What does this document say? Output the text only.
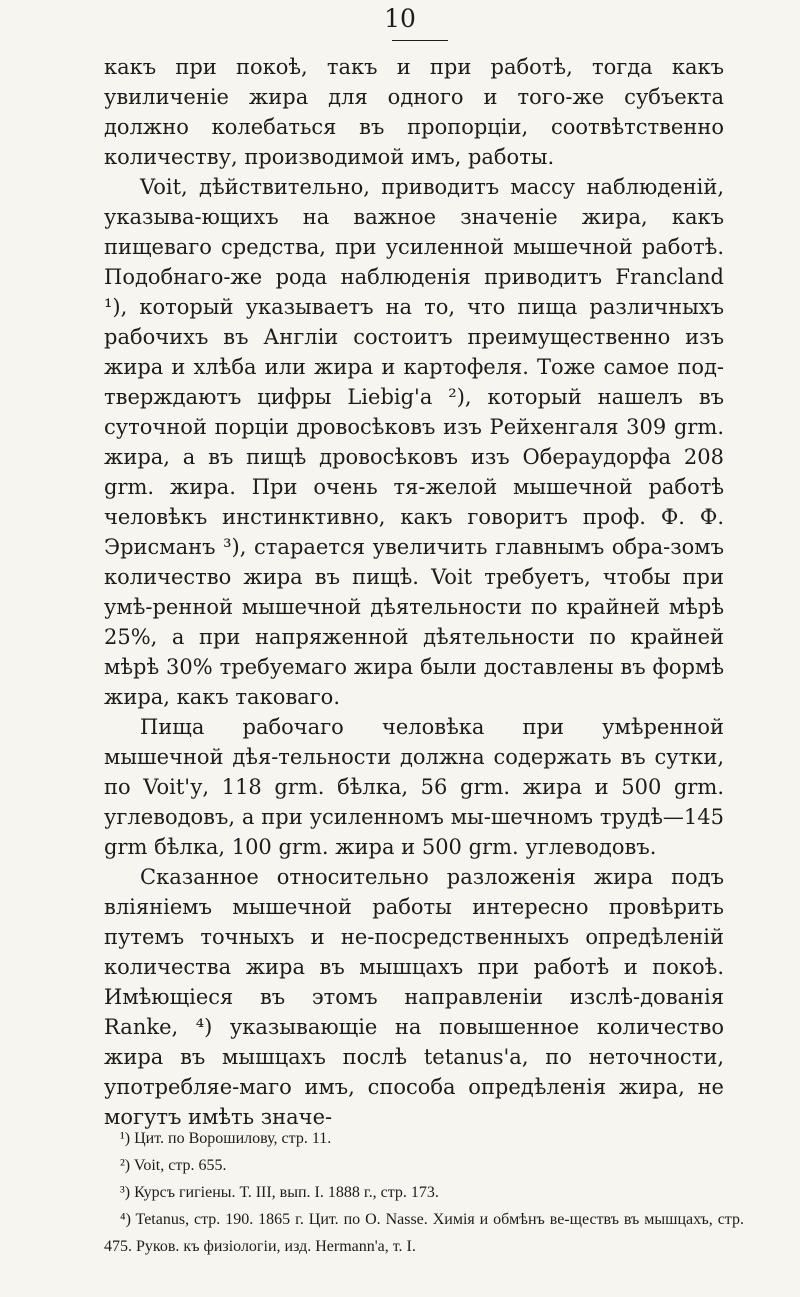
10

какъ при покоѣ, такъ и при работѣ, тогда какъ увиличеніе жира для одного и того-же субъекта должно колебаться въ пропорціи, соотвѣтственно количеству, производимой имъ, работы.

Voit, дѣйствительно, приводитъ массу наблюденій, указыва-ющихъ на важное значеніе жира, какъ пищеваго средства, при усиленной мышечной работѣ. Подобнаго-же рода наблюденія приводитъ Francland ¹), который указываетъ на то, что пища различныхъ рабочихъ въ Англіи состоитъ преимущественно изъ жира и хлѣба или жира и картофеля. Тоже самое под-тверждаютъ цифры Liebig'а ²), который нашелъ въ суточной порціи дровосѣковъ изъ Рейхенгаля 309 grm. жира, а въ пищѣ дровосѣковъ изъ Обераудорфа 208 grm. жира. При очень тя-желой мышечной работѣ человѣкъ инстинктивно, какъ говоритъ проф. Ф. Ф. Эрисманъ ³), старается увеличить главнымъ обра-зомъ количество жира въ пищѣ. Voit требуетъ, чтобы при умѣ-ренной мышечной дѣятельности по крайней мѣрѣ 25%, а при напряженной дѣятельности по крайней мѣрѣ 30% требуемаго жира были доставлены въ формѣ жира, какъ таковаго.

Пища рабочаго человѣка при умѣренной мышечной дѣя-тельности должна содержать въ сутки, по Voit'у, 118 grm. бѣлка, 56 grm. жира и 500 grm. углеводовъ, а при усиленномъ мы-шечномъ трудѣ—145 grm бѣлка, 100 grm. жира и 500 grm. углеводовъ.

Сказанное относительно разложенія жира подъ вліяніемъ мышечной работы интересно провѣрить путемъ точныхъ и не-посредственныхъ опредѣленій количества жира въ мышцахъ при работѣ и покоѣ. Имѣющіеся въ этомъ направленіи изслѣ-дованія Ranke, ⁴) указывающіе на повышенное количество жира въ мышцахъ послѣ tetanus'а, по неточности, употребляе-маго имъ, способа опредѣленія жира, не могутъ имѣть значе-

¹) Цит. по Ворошилову, стр. 11.

²) Voit, стр. 655.

³) Курсъ гигіены. Т. III, вып. I. 1888 г., стр. 173.

⁴) Tetanus, стр. 190. 1865 г. Цит. по O. Nasse. Химія и обмѣнъ ве-ществъ въ мышцахъ, стр. 475. Руков. къ физіологіи, изд. Hermann'а, т. I.
